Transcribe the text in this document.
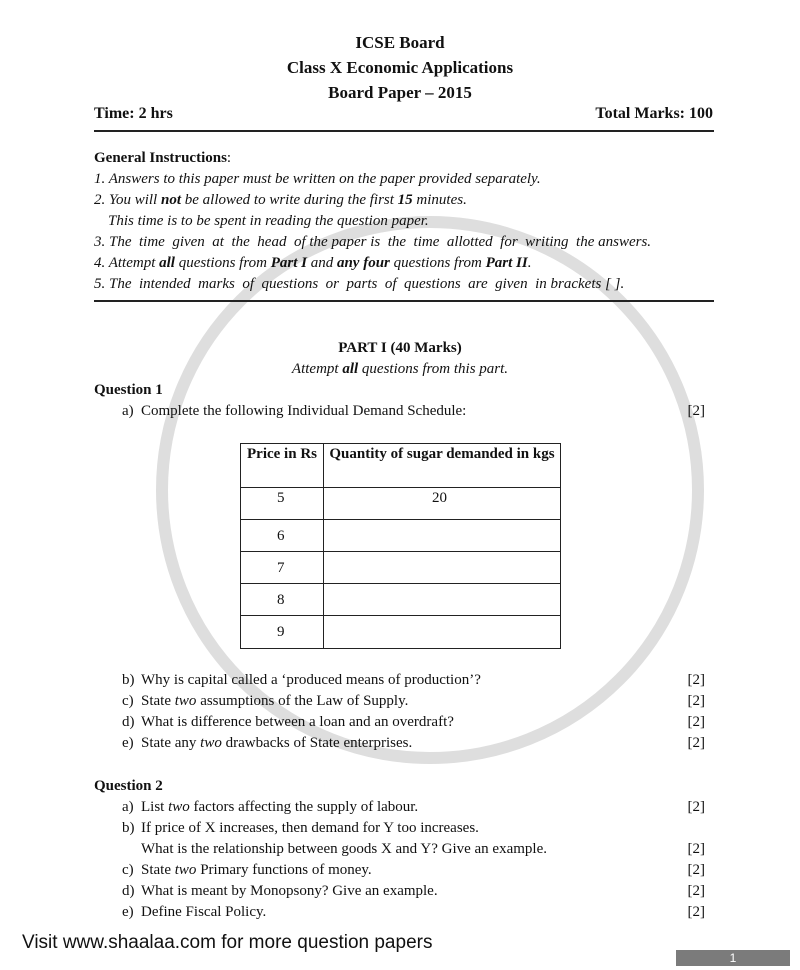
ICSE Board
Class X Economic Applications
Board Paper – 2015
Time: 2 hrs	Total Marks: 100
General Instructions:
1. Answers to this paper must be written on the paper provided separately.
2. You will not be allowed to write during the first 15 minutes.
This time is to be spent in reading the question paper.
3. The  time  given  at  the  head  of the paper is  the  time  allotted  for  writing  the answers.
4. Attempt all questions from Part I and any four questions from Part II.
5. The  intended  marks  of  questions  or  parts  of  questions  are  given  in brackets [ ].
PART I (40 Marks)
Attempt all questions from this part.
Question 1
a) Complete the following Individual Demand Schedule:	[2]
Price in Rs	Quantity of sugar demanded in kgs
5	20
6	
7	
8	
9	
b) Why is capital called a ‘produced means of production’?	[2]
c) State two assumptions of the Law of Supply.	[2]
d) What is difference between a loan and an overdraft?	[2]
e) State any two drawbacks of State enterprises.	[2]
Question 2
a) List two factors affecting the supply of labour.	[2]
b) If price of X increases, then demand for Y too increases.
What is the relationship between goods X and Y? Give an example.	[2]
c) State two Primary functions of money.	[2]
d) What is meant by Monopsony? Give an example.	[2]
e) Define Fiscal Policy.	[2]
Visit www.shaalaa.com for more question papers
1
